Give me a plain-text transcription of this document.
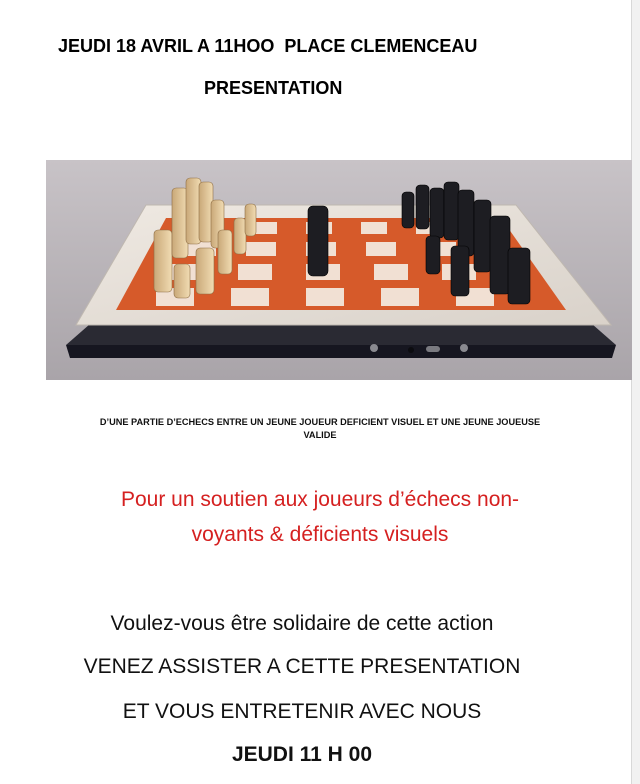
JEUDI 18 AVRIL A 11HOO  PLACE CLEMENCEAU
PRESENTATION
D’UNE PARTIE D’ECHECS ENTRE UN JEUNE JOUEUR DEFICIENT VISUEL ET UNE JEUNE JOUEUSE
VALIDE
Pour un soutien aux joueurs d’échecs non-
voyants & déficients visuels
Voulez-vous être solidaire de cette action
VENEZ ASSISTER A CETTE PRESENTATION
ET VOUS ENTRETENIR AVEC NOUS
JEUDI 11 H 00
